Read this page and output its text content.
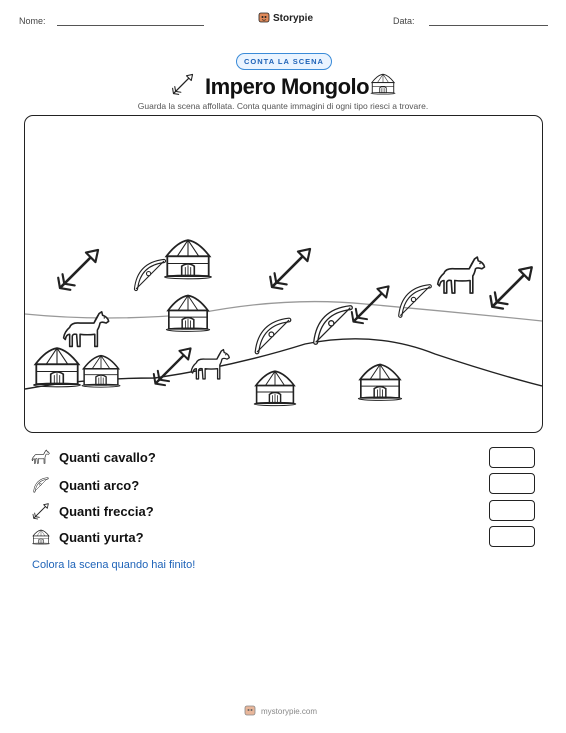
Nome:	Storypie	Data:
CONTA LA SCENA
Impero Mongolo
Guarda la scena affollata. Conta quante immagini di ogni tipo riesci a trovare.
Quanti cavallo?
Quanti arco?
Quanti freccia?
Quanti yurta?
Colora la scena quando hai finito!
mystorypie.com
